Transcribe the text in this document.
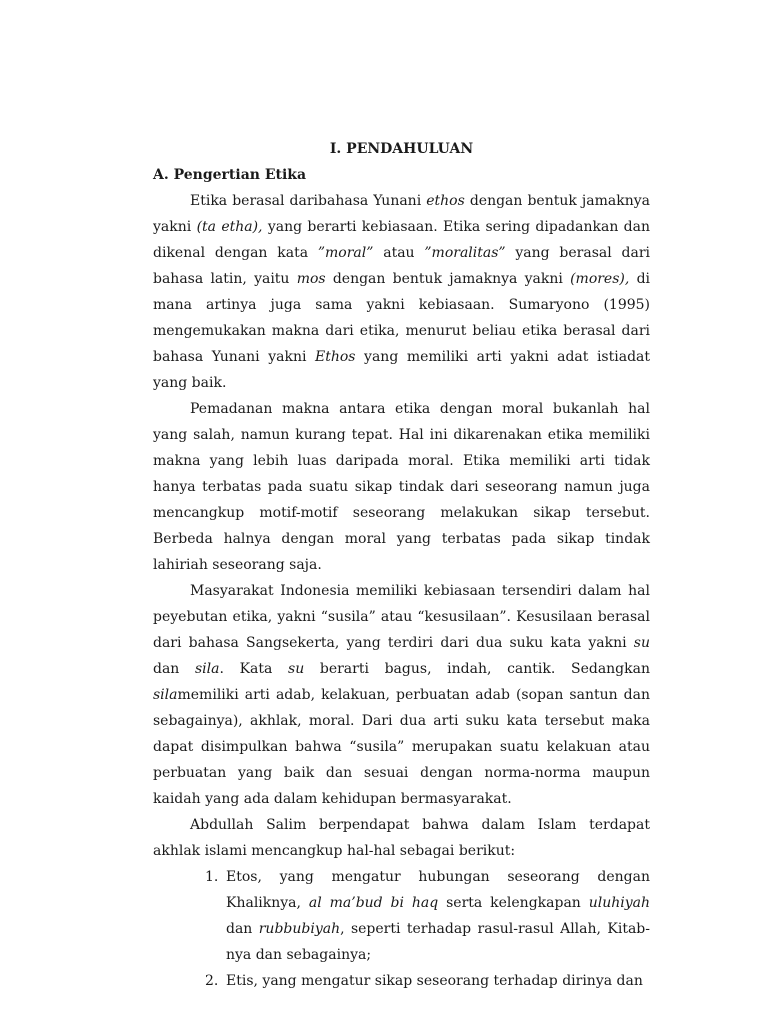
I. PENDAHULUAN

A. Pengertian Etika

Etika berasal daribahasa Yunani ethos dengan bentuk jamaknya yakni (ta etha), yang berarti kebiasaan. Etika sering dipadankan dan dikenal dengan kata ”moral” atau ”moralitas” yang berasal dari bahasa latin, yaitu mos dengan bentuk jamaknya yakni (mores), di mana artinya juga sama yakni kebiasaan. Sumaryono (1995) mengemukakan makna dari etika, menurut beliau etika berasal dari bahasa Yunani yakni Ethos yang memiliki arti yakni adat istiadat yang baik.

Pemadanan makna antara etika dengan moral bukanlah hal yang salah, namun kurang tepat. Hal ini dikarenakan etika memiliki makna yang lebih luas daripada moral. Etika memiliki arti tidak hanya terbatas pada suatu sikap tindak dari seseorang namun juga mencangkup motif-motif seseorang melakukan sikap tersebut. Berbeda halnya dengan moral yang terbatas pada sikap tindak lahiriah seseorang saja.

Masyarakat Indonesia memiliki kebiasaan tersendiri dalam hal peyebutan etika, yakni “susila” atau “kesusilaan”. Kesusilaan berasal dari bahasa Sangsekerta, yang terdiri dari dua suku kata yakni su dan sila. Kata su berarti bagus, indah, cantik. Sedangkan silamemiliki arti adab, kelakuan, perbuatan adab (sopan santun dan sebagainya), akhlak, moral. Dari dua arti suku kata tersebut maka dapat disimpulkan bahwa “susila” merupakan suatu kelakuan atau perbuatan yang baik dan sesuai dengan norma-norma maupun kaidah yang ada dalam kehidupan bermasyarakat.

Abdullah Salim berpendapat bahwa dalam Islam terdapat akhlak islami mencangkup hal-hal sebagai berikut:

1. Etos, yang mengatur hubungan seseorang dengan Khaliknya, al ma’bud bi haq serta kelengkapan uluhiyah dan rubbubiyah, seperti terhadap rasul-rasul Allah, Kitab-nya dan sebagainya;
2. Etis, yang mengatur sikap seseorang terhadap dirinya dan
